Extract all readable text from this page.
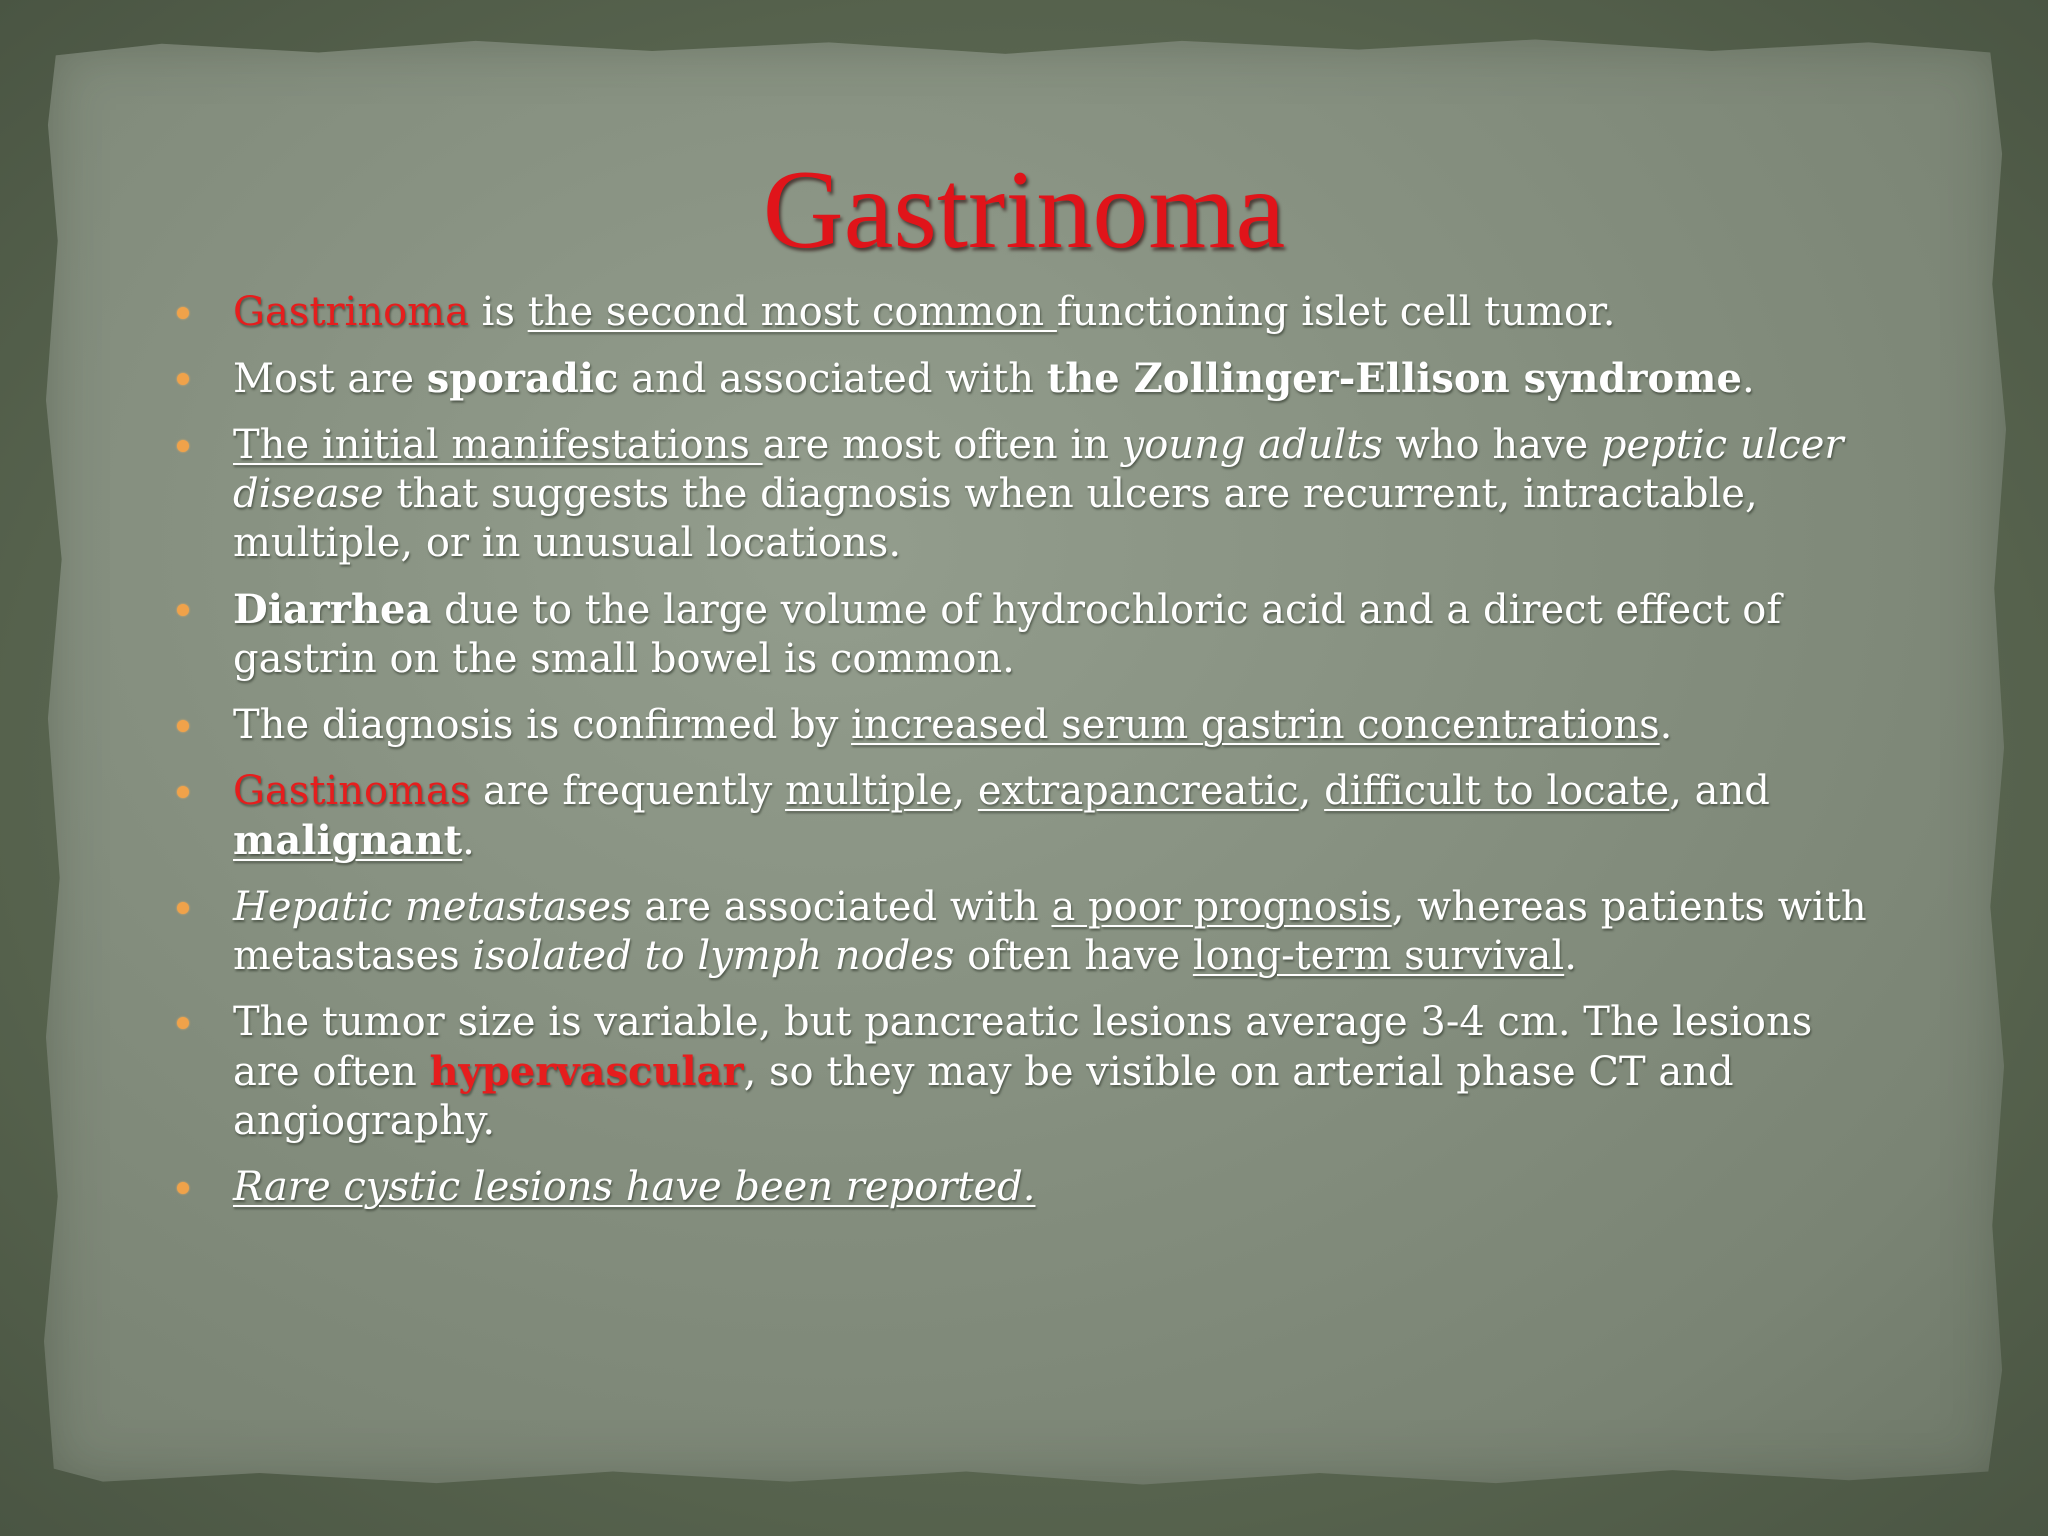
Gastrinoma
Gastrinoma is the second most common functioning islet cell tumor.
Most are sporadic and associated with the Zollinger-Ellison syndrome.
The initial manifestations are most often in young adults who have peptic ulcer disease that suggests the diagnosis when ulcers are recurrent, intractable, multiple, or in unusual locations.
Diarrhea due to the large volume of hydrochloric acid and a direct effect of gastrin on the small bowel is common.
The diagnosis is confirmed by increased serum gastrin concentrations.
Gastinomas are frequently multiple, extrapancreatic, difficult to locate, and malignant.
Hepatic metastases are associated with a poor prognosis, whereas patients with metastases isolated to lymph nodes often have long-term survival.
The tumor size is variable, but pancreatic lesions average 3-4 cm. The lesions are often hypervascular, so they may be visible on arterial phase CT and angiography.
Rare cystic lesions have been reported.
